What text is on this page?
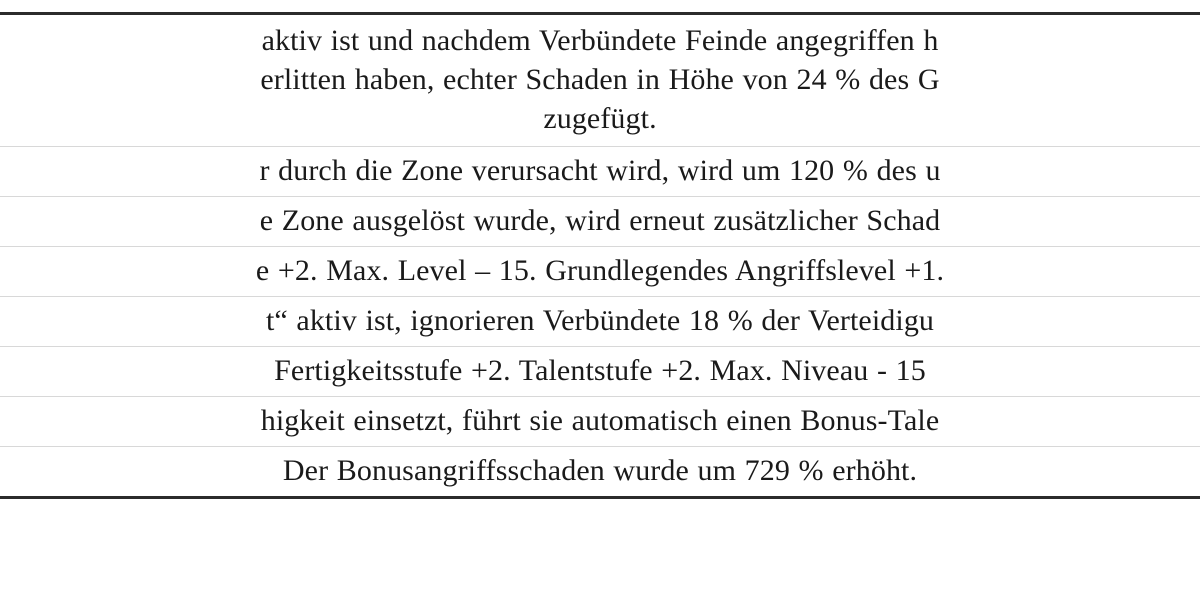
aktiv ist und nachdem Verbündete Feinde angegriffen h
erlitten haben, echter Schaden in Höhe von 24 % des G
zugefügt.

r durch die Zone verursacht wird, wird um 120 % des u

e Zone ausgelöst wurde, wird erneut zusätzlicher Schad

e +2. Max. Level – 15. Grundlegendes Angriffslevel +1.

t“ aktiv ist, ignorieren Verbündete 18 % der Verteidigu

Fertigkeitsstufe +2. Talentstufe +2. Max. Niveau - 15

higkeit einsetzt, führt sie automatisch einen Bonus-Tale

Der Bonusangriffsschaden wurde um 729 % erhöht.
